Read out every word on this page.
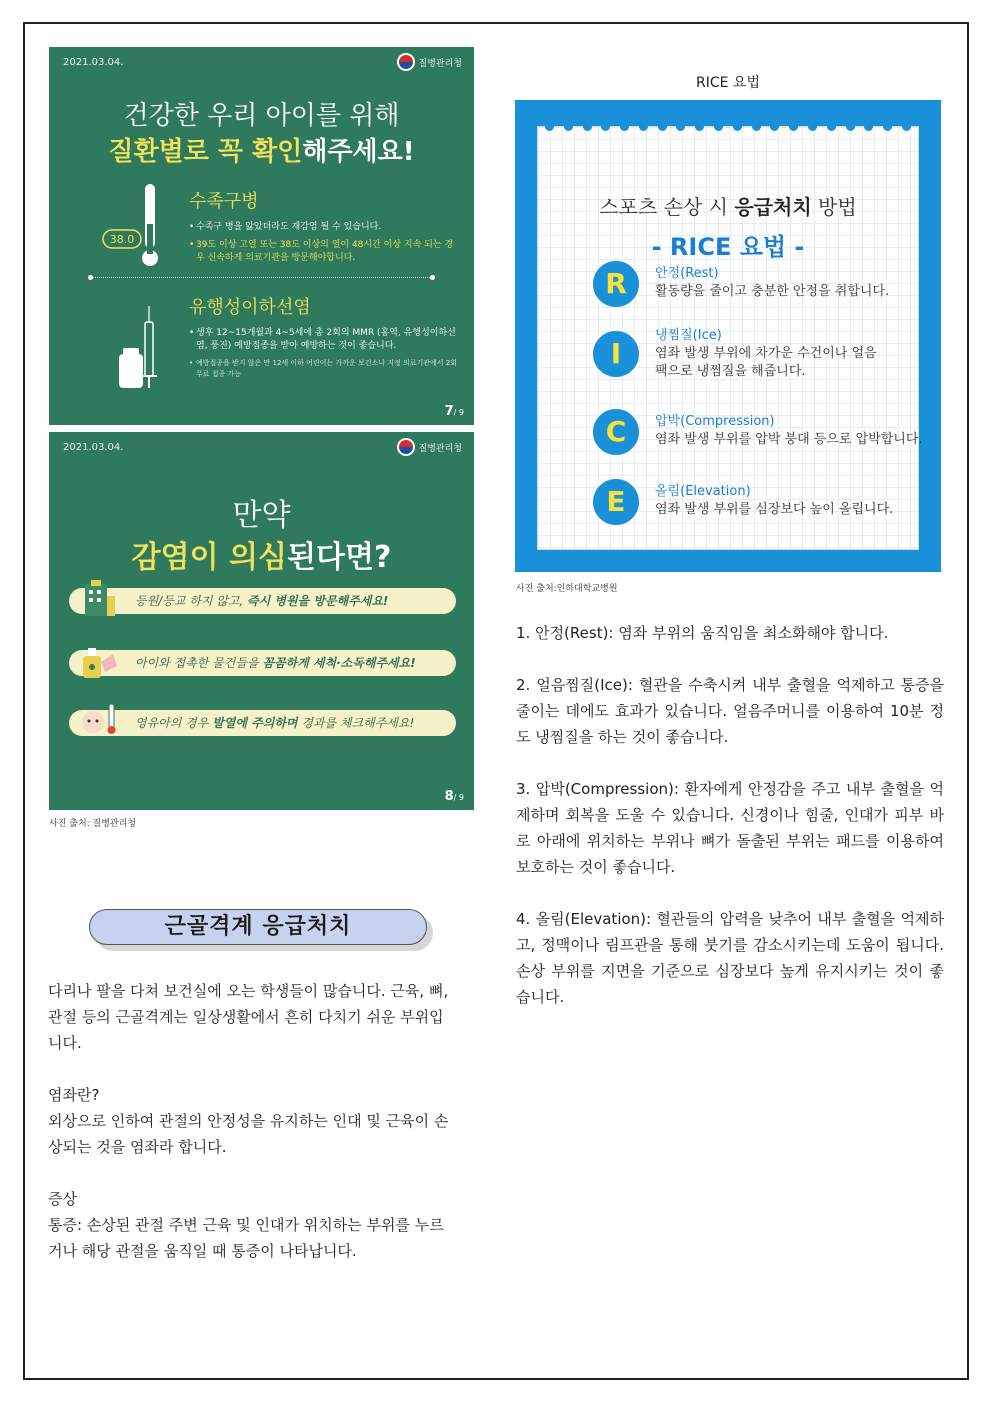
2021.03.04.	질병관리청
건강한 우리 아이를 위해
질환별로 꼭 확인해주세요!
38.0
수족구병
• 수족구 병을 앓았더라도 재감염 될 수 있습니다.
• 39도 이상 고열 또는 38도 이상의 열이 48시간 이상 지속 되는 경우 신속하게 의료기관을 방문해야합니다.
유행성이하선염
• 생후 12~15개월과 4~5세에 총 2회의 MMR (홍역, 유행성이하선염, 풍진) 예방접종을 받아 예방하는 것이 좋습니다.
• 예방접종을 받지 않은 만 12세 이하 어린이는 가까운 보건소나 지정 의료기관에서 2회 무료 접종 가능
7/ 9
2021.03.04.	질병관리청
만약
감염이 의심된다면?
등원/등교 하지 않고, 즉시 병원을 방문해주세요!
아이와 접촉한 물건들을 꼼꼼하게 세척·소독해주세요!
영유아의 경우 발열에 주의하며 경과를 체크해주세요!
8/ 9
사진 출처: 질병관리청
RICE 요법
스포츠 손상 시 응급처치 방법
- RICE 요법 -
R	안정(Rest)
활동량을 줄이고 충분한 안정을 취합니다.
I
냉찜질(Ice)
염좌 발생 부위에 차가운 수건이나 얼음팩으로 냉찜질을 해줍니다.
C	압박(Compression)
염좌 발생 부위를 압박 붕대 등으로 압박합니다.
E	올림(Elevation)
염좌 발생 부위를 심장보다 높이 올립니다.
사진 출처:인하대학교병원

1. 안정(Rest): 염좌 부위의 움직임을 최소화해야 합니다.

2. 얼음찜질(Ice): 혈관을 수축시켜 내부 출혈을 억제하고 통증을 줄이는 데에도 효과가 있습니다. 얼음주머니를 이용하여 10분 정도 냉찜질을 하는 것이 좋습니다.

3. 압박(Compression): 환자에게 안정감을 주고 내부 출혈을 억제하며 회복을 도울 수 있습니다. 신경이나 힘줄, 인대가 피부 바로 아래에 위치하는 부위나 뼈가 돌출된 부위는 패드를 이용하여 보호하는 것이 좋습니다.

4. 올림(Elevation): 혈관들의 압력을 낮추어 내부 출혈을 억제하고, 정맥이나 림프관을 통해 붓기를 감소시키는데 도움이 됩니다. 손상 부위를 지면을 기준으로 심장보다 높게 유지시키는 것이 좋습니다.

근골격계 응급처치

다리나 팔을 다쳐 보건실에 오는 학생들이 많습니다. 근육, 뼈, 관절 등의 근골격계는 일상생활에서 흔히 다치기 쉬운 부위입니다.

염좌란?
외상으로 인하여 관절의 안정성을 유지하는 인대 및 근육이 손상되는 것을 염좌라 합니다.

증상
통증: 손상된 관절 주변 근육 및 인대가 위치하는 부위를 누르거나 해당 관절을 움직일 때 통증이 나타납니다.
